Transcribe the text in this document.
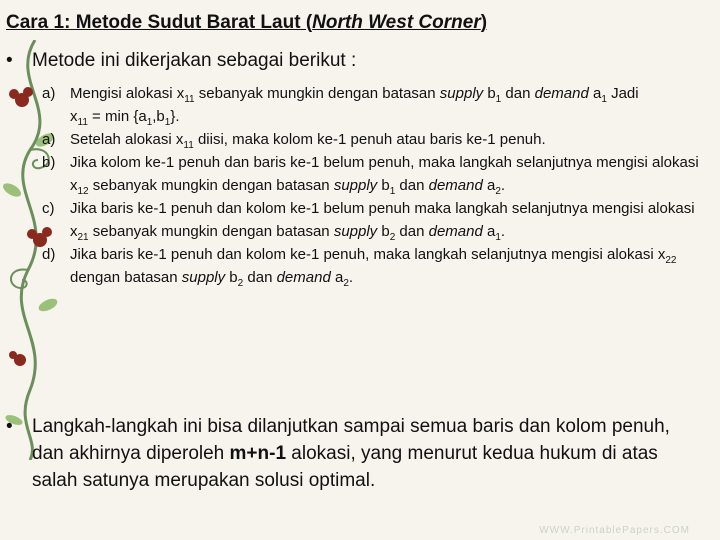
Cara 1: Metode Sudut Barat Laut (North West Corner)
• Metode ini dikerjakan sebagai berikut :
a) Mengisi alokasi $x_{11}$ sebanyak mungkin dengan batasan supply $b_1$ dan demand $a_1$ Jadi
$x_{11} = \min \{a_1,b_1\}$.
a) Setelah alokasi $x_{11}$ diisi, maka kolom ke-1 penuh atau baris ke-1 penuh.
b) Jika kolom ke-1 penuh dan baris ke-1 belum penuh, maka langkah selanjutnya mengisi alokasi $x_{12}$ sebanyak mungkin dengan batasan supply $b_1$ dan demand $a_2$.
c)	Jika baris ke-1 penuh dan kolom ke-1 belum penuh maka langkah selanjutnya mengisi alokasi $x_{21}$ sebanyak mungkin dengan batasan supply $b_2$ dan demand $a_1$.
d) Jika baris ke-1 penuh dan kolom ke-1 penuh, maka langkah selanjutnya mengisi alokasi $x_{22}$ dengan batasan supply $b_2$ dan demand $a_2$.
•	Langkah-langkah ini bisa dilanjutkan sampai semua baris dan kolom penuh, dan akhirnya diperoleh m+n-1 alokasi, yang menurut kedua hukum di atas salah satunya merupakan solusi optimal.
WWW.PrintablePapers.COM
